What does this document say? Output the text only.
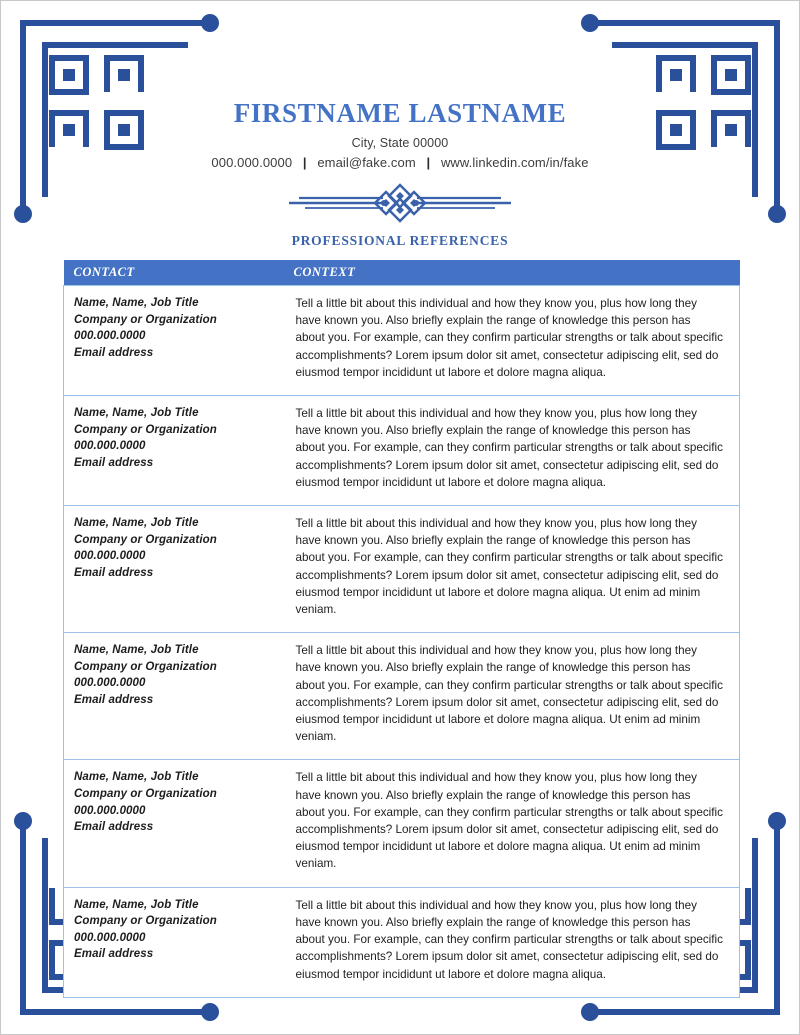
FIRSTNAME LASTNAME
City, State 00000
000.000.0000 | email@fake.com | www.linkedin.com/in/fake
PROFESSIONAL REFERENCES
CONTACT	CONTEXT

Name, Name, Job Title
Company or Organization
000.000.0000
Email address
	Tell a little bit about this individual and how they know you, plus how long they have known you. Also briefly explain the range of knowledge this person has about you. For example, can they confirm particular strengths or talk about specific accomplishments? Lorem ipsum dolor sit amet, consectetur adipiscing elit, sed do eiusmod tempor incididunt ut labore et dolore magna aliqua.

Name, Name, Job Title
Company or Organization
000.000.0000
Email address
	Tell a little bit about this individual and how they know you, plus how long they have known you. Also briefly explain the range of knowledge this person has about you. For example, can they confirm particular strengths or talk about specific accomplishments? Lorem ipsum dolor sit amet, consectetur adipiscing elit, sed do eiusmod tempor incididunt ut labore et dolore magna aliqua.

Name, Name, Job Title
Company or Organization
000.000.0000
Email address
	Tell a little bit about this individual and how they know you, plus how long they have known you. Also briefly explain the range of knowledge this person has about you. For example, can they confirm particular strengths or talk about specific accomplishments? Lorem ipsum dolor sit amet, consectetur adipiscing elit, sed do eiusmod tempor incididunt ut labore et dolore magna aliqua. Ut enim ad minim veniam.

Name, Name, Job Title
Company or Organization
000.000.0000
Email address
	Tell a little bit about this individual and how they know you, plus how long they have known you. Also briefly explain the range of knowledge this person has about you. For example, can they confirm particular strengths or talk about specific accomplishments? Lorem ipsum dolor sit amet, consectetur adipiscing elit, sed do eiusmod tempor incididunt ut labore et dolore magna aliqua. Ut enim ad minim veniam.

Name, Name, Job Title
Company or Organization
000.000.0000
Email address
	Tell a little bit about this individual and how they know you, plus how long they have known you. Also briefly explain the range of knowledge this person has about you. For example, can they confirm particular strengths or talk about specific accomplishments? Lorem ipsum dolor sit amet, consectetur adipiscing elit, sed do eiusmod tempor incididunt ut labore et dolore magna aliqua. Ut enim ad minim veniam.

Name, Name, Job Title
Company or Organization
000.000.0000
Email address
	Tell a little bit about this individual and how they know you, plus how long they have known you. Also briefly explain the range of knowledge this person has about you. For example, can they confirm particular strengths or talk about specific accomplishments? Lorem ipsum dolor sit amet, consectetur adipiscing elit, sed do eiusmod tempor incididunt ut labore et dolore magna aliqua.
